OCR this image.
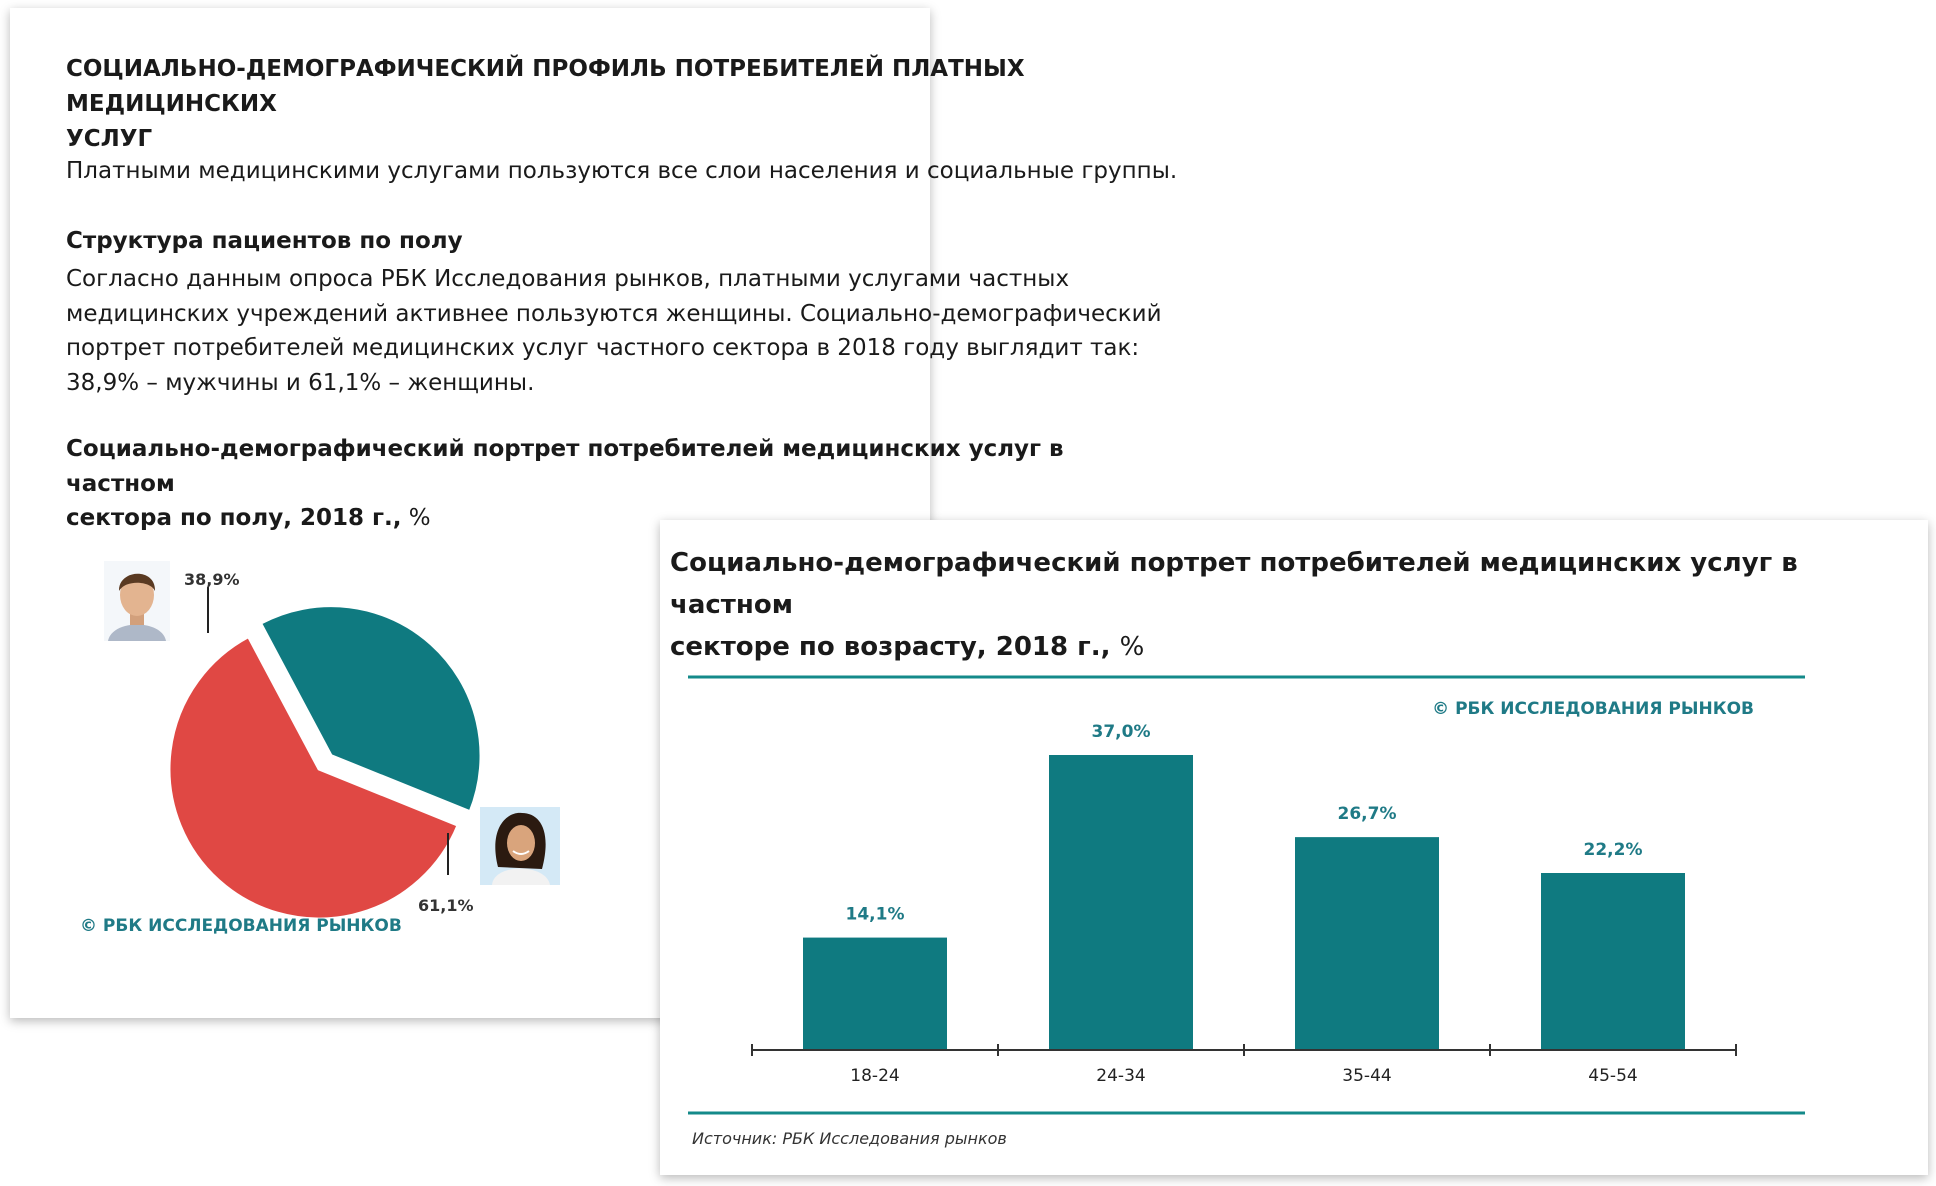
СОЦИАЛЬНО-ДЕМОГРАФИЧЕСКИЙ ПРОФИЛЬ ПОТРЕБИТЕЛЕЙ ПЛАТНЫХ МЕДИЦИНСКИХ
УСЛУГ

Платными медицинскими услугами пользуются все слои населения и социальные группы.

Структура пациентов по полу

Согласно данным опроса РБК Исследования рынков, платными услугами частных
медицинских учреждений активнее пользуются женщины. Социально-демографический
портрет потребителей медицинских услуг частного сектора в 2018 году выглядит так:
38,9% – мужчины и 61,1% – женщины.

Социально-демографический портрет потребителей медицинских услуг в частном
сектора по полу, 2018 г., %

38,9%
61,1%
© РБК ИССЛЕДОВАНИЯ РЫНКОВ
Социально-демографический портрет потребителей медицинских услуг в частном
секторе по возрасту, 2018 г., %
© РБК ИССЛЕДОВАНИЯ РЫНКОВ
14,1%
37,0%
26,7%
22,2%
18-24	24-34	35-44	45-54
Источник: РБК Исследования рынков
